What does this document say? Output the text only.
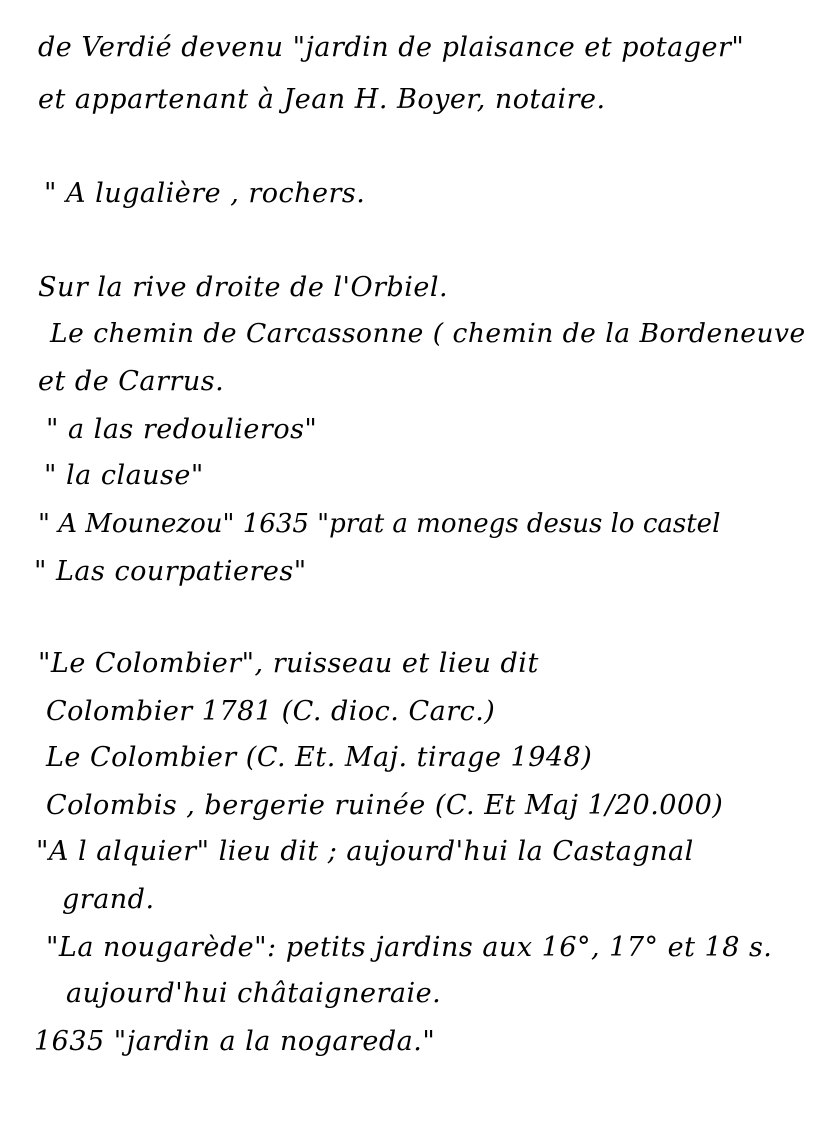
de Verdié devenu "jardin de plaisance et potager"
et appartenant à Jean H. Boyer, notaire.
" A lugalière , rochers.
Sur la rive droite de l'Orbiel.
Le chemin de Carcassonne ( chemin de la Bordeneuve
et de Carrus.
" a las redoulieros"
" la clause"
" A Mounezou" 1635 "prat a monegs desus lo castel
" Las courpatieres"
"Le Colombier", ruisseau et lieu dit
Colombier 1781 (C. dioc. Carc.)
Le Colombier (C. Et. Maj. tirage 1948)
Colombis , bergerie ruinée (C. Et Maj 1/20.000)
"A l alquier" lieu dit ; aujourd'hui la Castagnal
grand.
"La nougarède": petits jardins aux 16°, 17° et 18 s.
aujourd'hui châtaigneraie.
1635 "jardin a la nogareda."
